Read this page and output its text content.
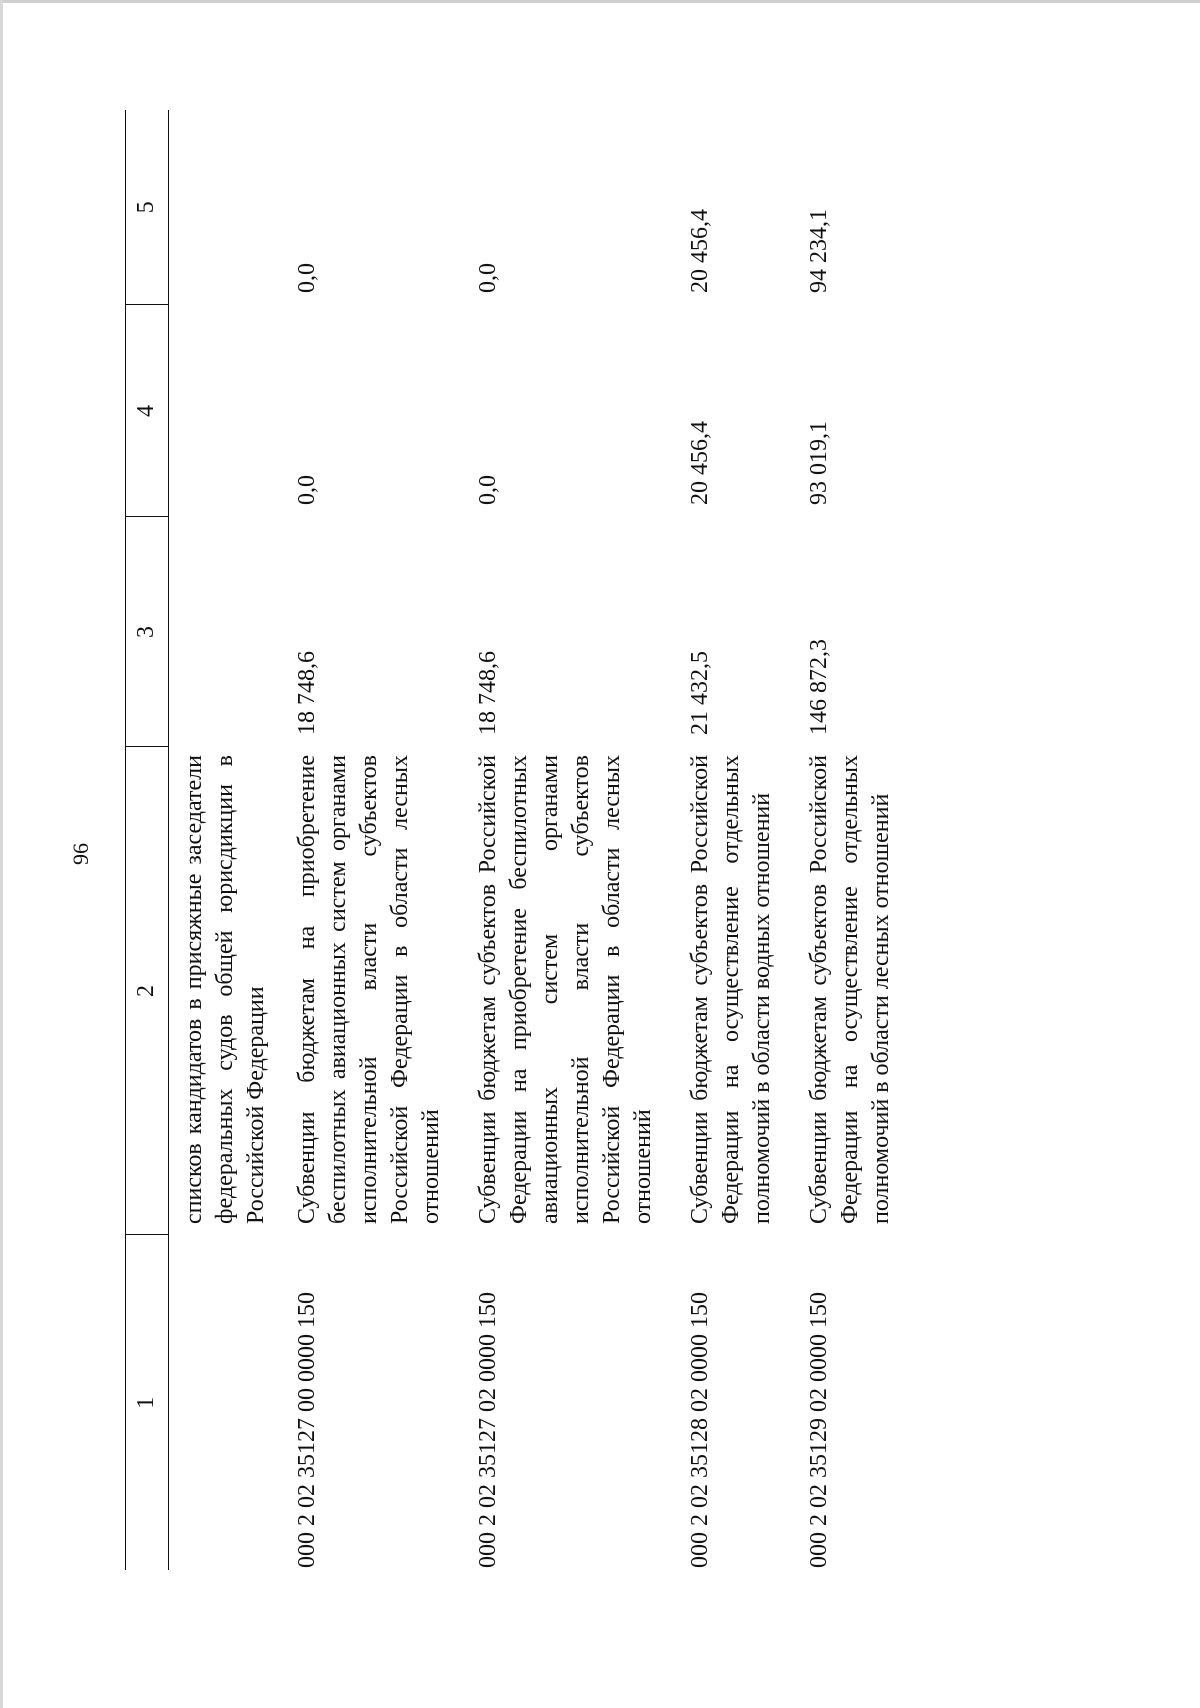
96
1	2	3	4	5
	списков кандидатов в присяжные заседатели федеральных судов общей юрисдикции в Российской Федерации			
000 2 02 35127 00 0000 150	Субвенции бюджетам на приобретение беспилотных авиационных систем органами исполнительной власти субъектов Российской Федерации в области лесных отношений	18 748,6	0,0	0,0
000 2 02 35127 02 0000 150	Субвенции бюджетам субъектов Российской Федерации на приобретение беспилотных авиационных систем органами исполнительной власти субъектов Российской Федерации в области лесных отношений	18 748,6	0,0	0,0
000 2 02 35128 02 0000 150	Субвенции бюджетам субъектов Российской Федерации на осуществление отдельных полномочий в области водных отношений	21 432,5	20 456,4	20 456,4
000 2 02 35129 02 0000 150	Субвенции бюджетам субъектов Российской Федерации на осуществление отдельных полномочий в области лесных отношений	146 872,3	93 019,1	94 234,1
